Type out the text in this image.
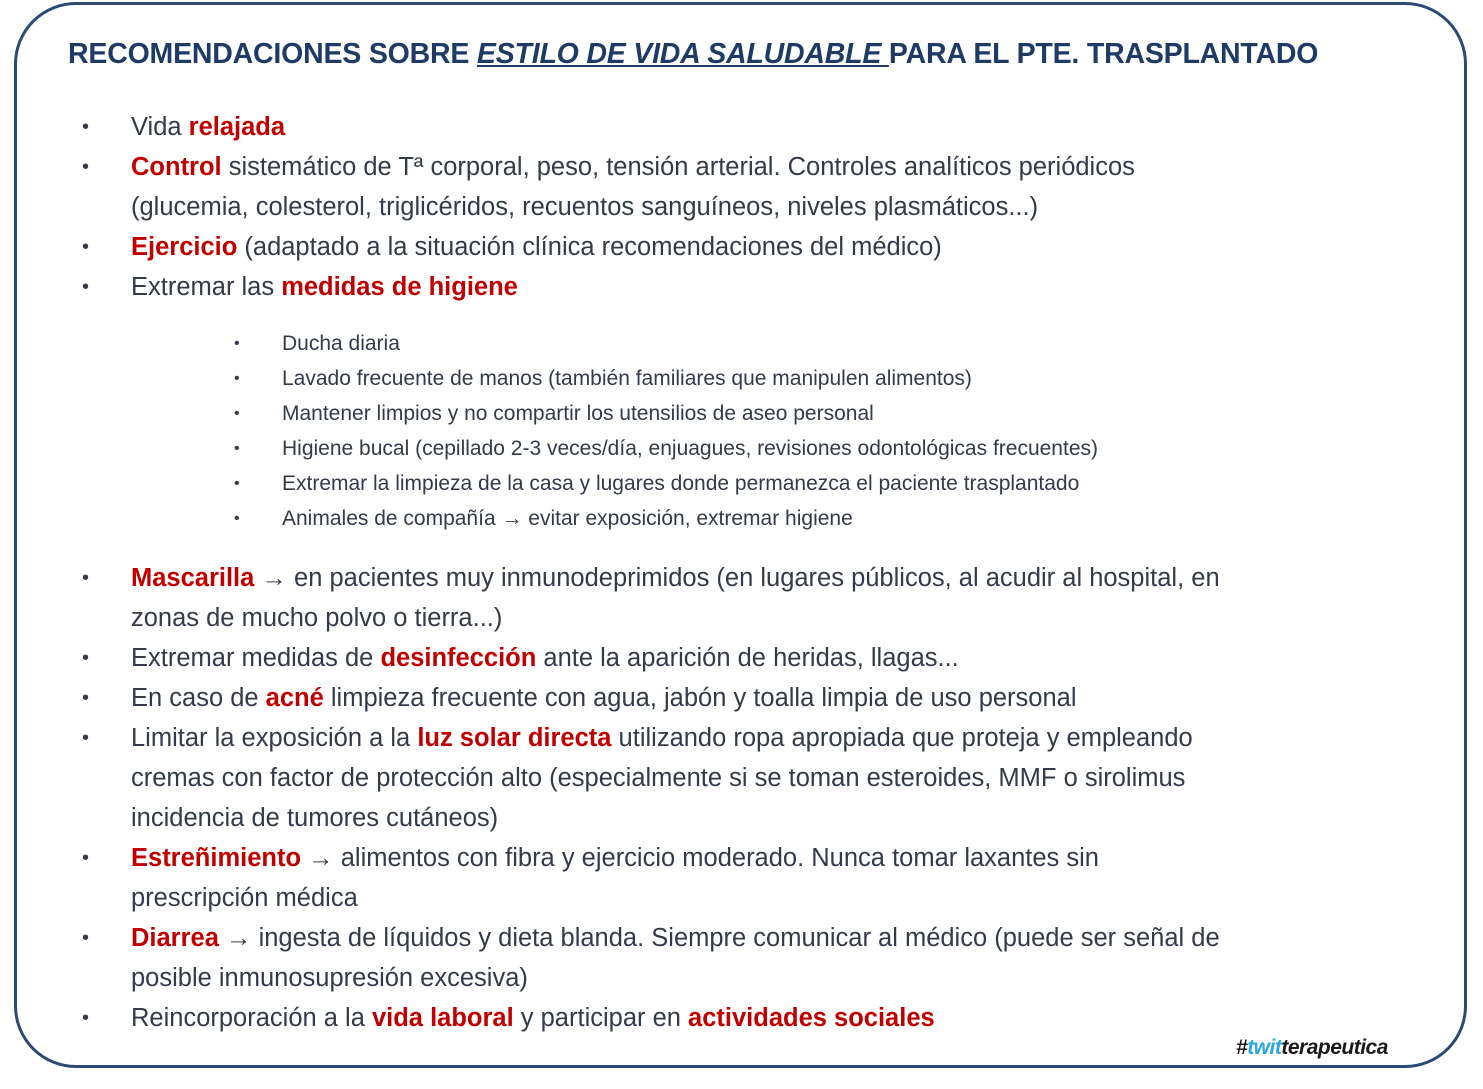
RECOMENDACIONES SOBRE ESTILO DE VIDA SALUDABLE PARA EL PTE. TRASPLANTADO
• Vida relajada
• Control sistemático de Tª corporal, peso, tensión arterial. Controles analíticos periódicos
(glucemia, colesterol, triglicéridos, recuentos sanguíneos, niveles plasmáticos...)
• Ejercicio (adaptado a la situación clínica recomendaciones del médico)
• Extremar las medidas de higiene
• Ducha diaria
• Lavado frecuente de manos (también familiares que manipulen alimentos)
• Mantener limpios y no compartir los utensilios de aseo personal
• Higiene bucal (cepillado 2-3 veces/día, enjuagues, revisiones odontológicas frecuentes)
• Extremar la limpieza de la casa y lugares donde permanezca el paciente trasplantado
• Animales de compañía → evitar exposición, extremar higiene
• Mascarilla → en pacientes muy inmunodeprimidos (en lugares públicos, al acudir al hospital, en
zonas de mucho polvo o tierra...)
• Extremar medidas de desinfección ante la aparición de heridas, llagas...
• En caso de acné limpieza frecuente con agua, jabón y toalla limpia de uso personal
• Limitar la exposición a la luz solar directa utilizando ropa apropiada que proteja y empleando
cremas con factor de protección alto (especialmente si se toman esteroides, MMF o sirolimus
incidencia de tumores cutáneos)
• Estreñimiento → alimentos con fibra y ejercicio moderado. Nunca tomar laxantes sin
prescripción médica
• Diarrea → ingesta de líquidos y dieta blanda. Siempre comunicar al médico (puede ser señal de
posible inmunosupresión excesiva)
• Reincorporación a la vida laboral y participar en actividades sociales
#twitterapeutica
